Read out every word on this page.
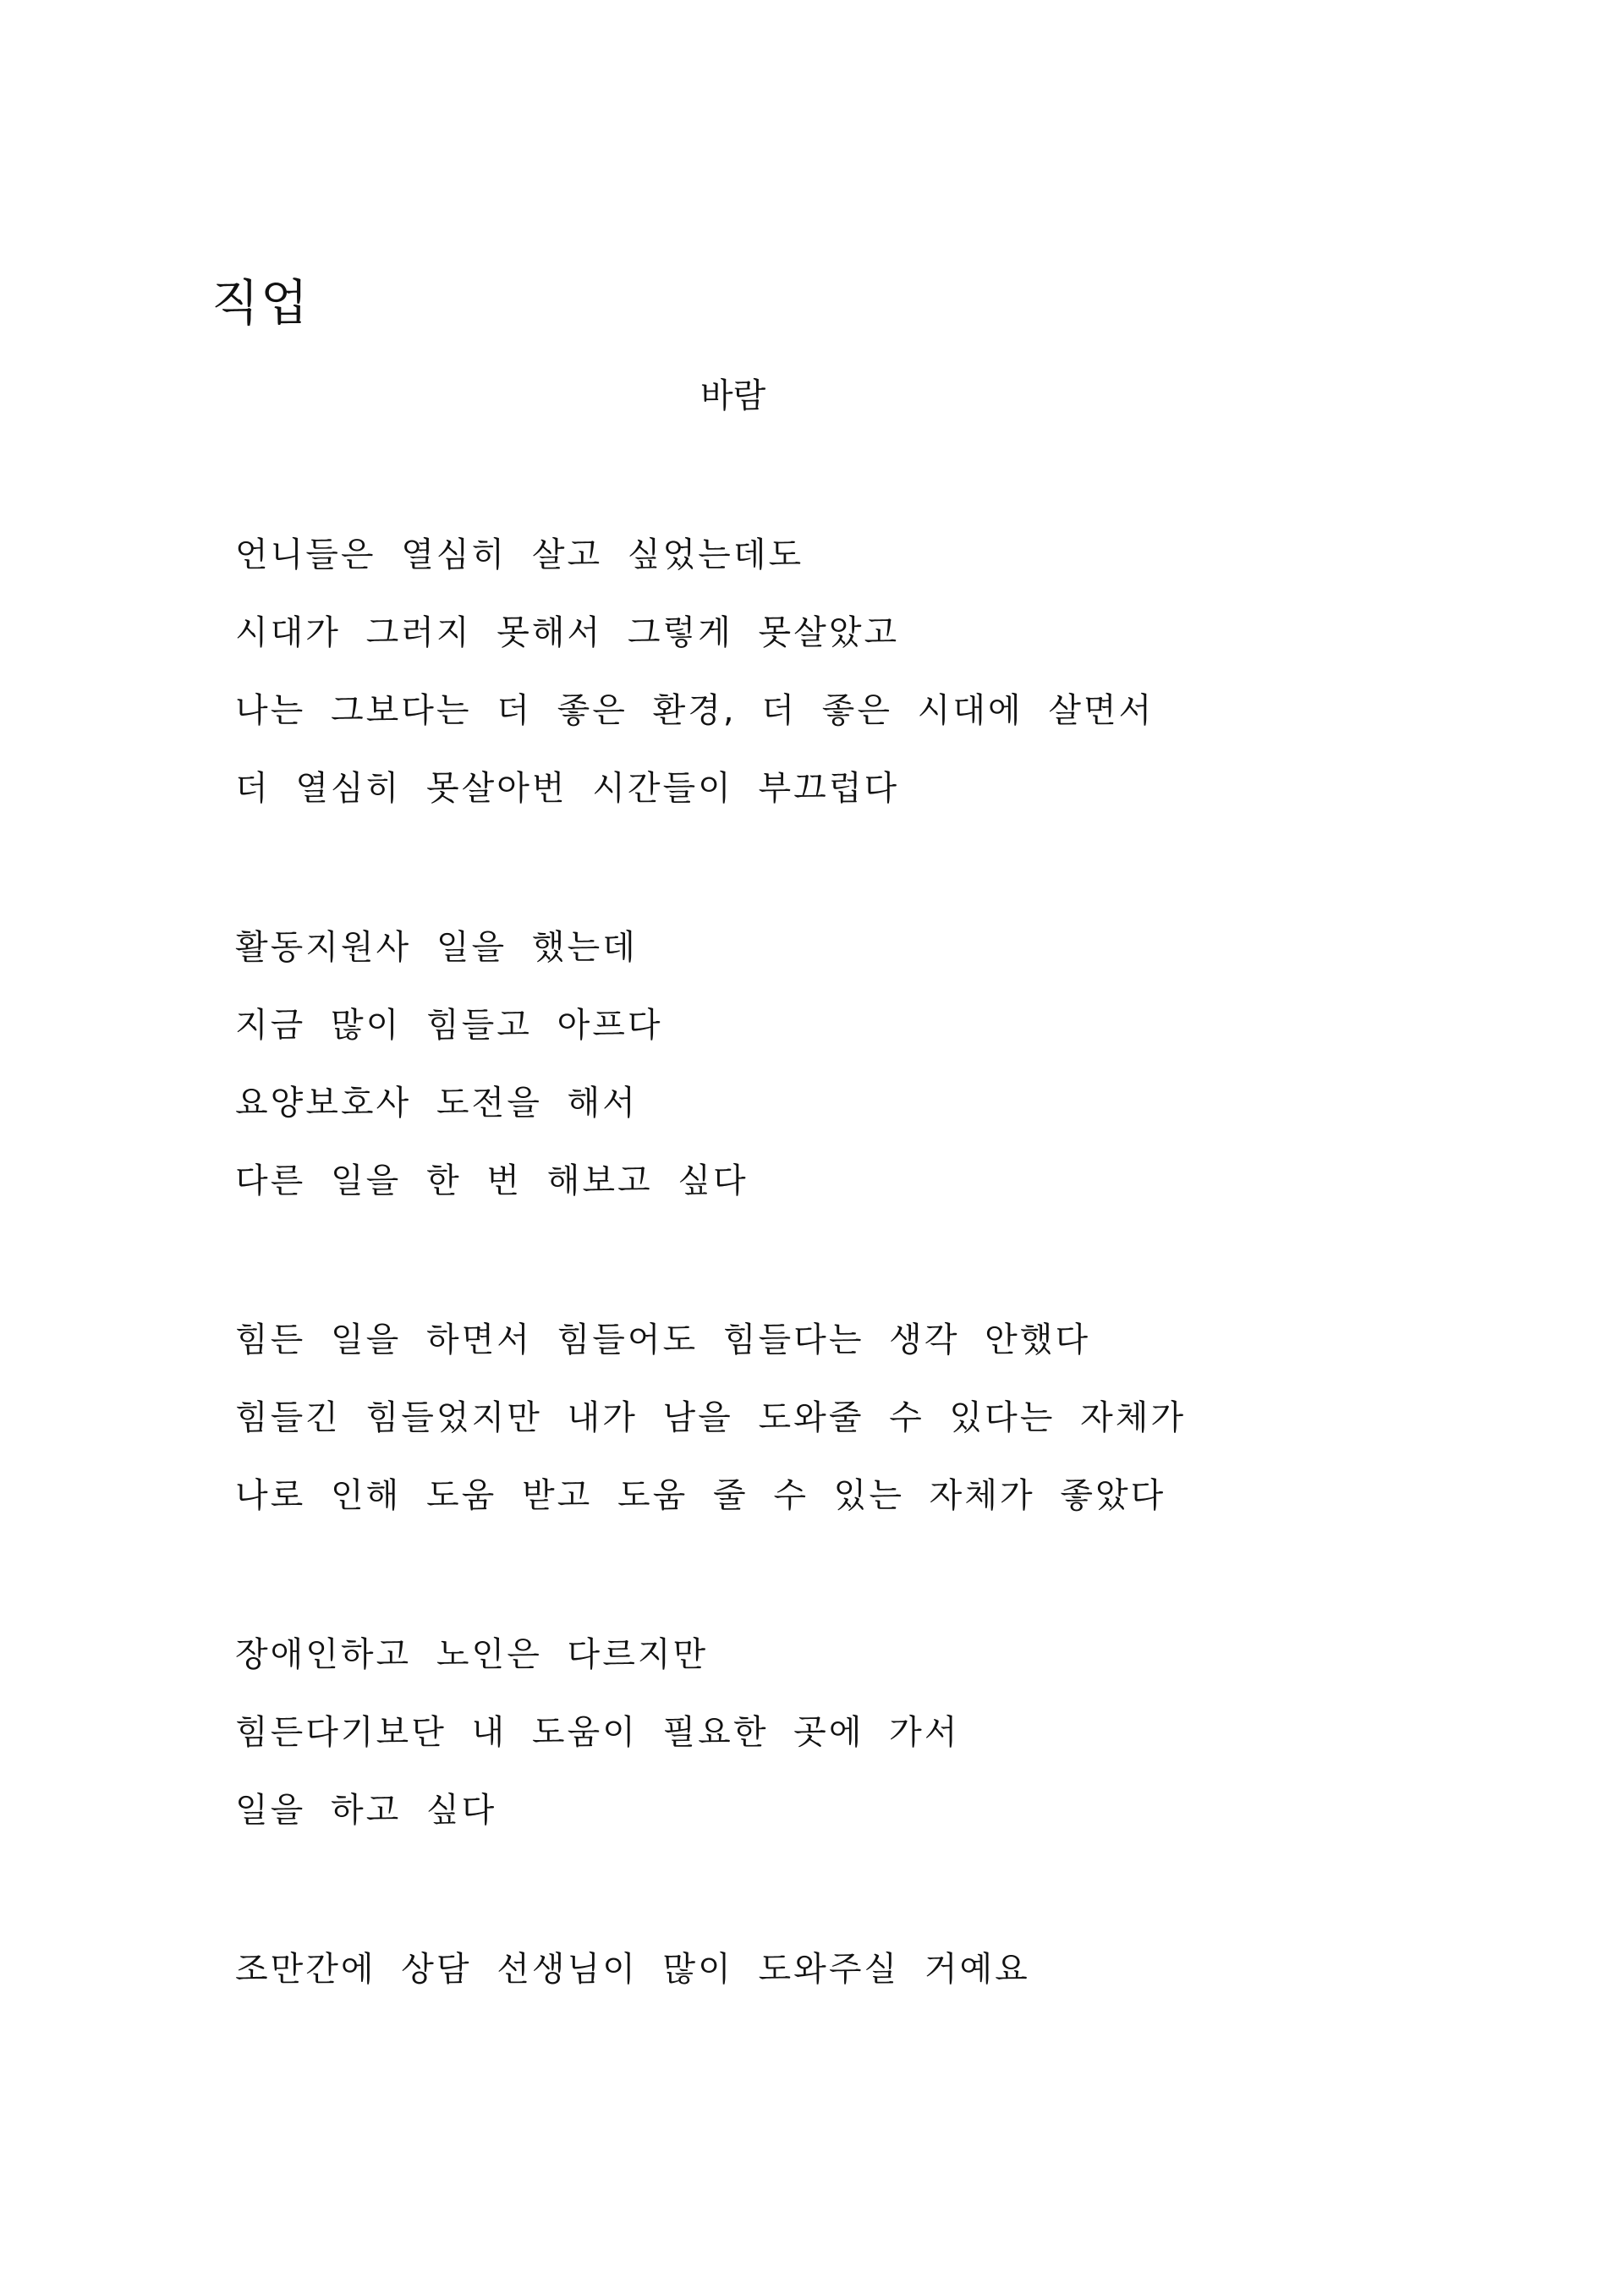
직업

바람

언니들은 열심히 살고 싶었는데도
시대가 그러지 못해서 그렇게 못살았고
나는 그보다는 더 좋은 환경, 더 좋은 시대에 살면서
더 열심히 못살아번 시간들이 부끄럽다
활동지원사 일을 했는데
지금 많이 힘들고 아프다
요양보호사 도전을 해서
다른 일을 한 번 해보고 싶다
힘든 일을 하면서 힘들어도 힘들다는 생각 안했다
힘들긴 힘들었지만 내가 남을 도와줄 수 있다는 자체가
나로 인해 도움 받고 도움 줄 수 있는 자체가 좋았다
장애인하고 노인은 다르지만
힘든다기보단 내 도움이 필요한 곳에 가서
일을 하고 싶다
조만간에 상담 선생님이 많이 도와주실 거예요
